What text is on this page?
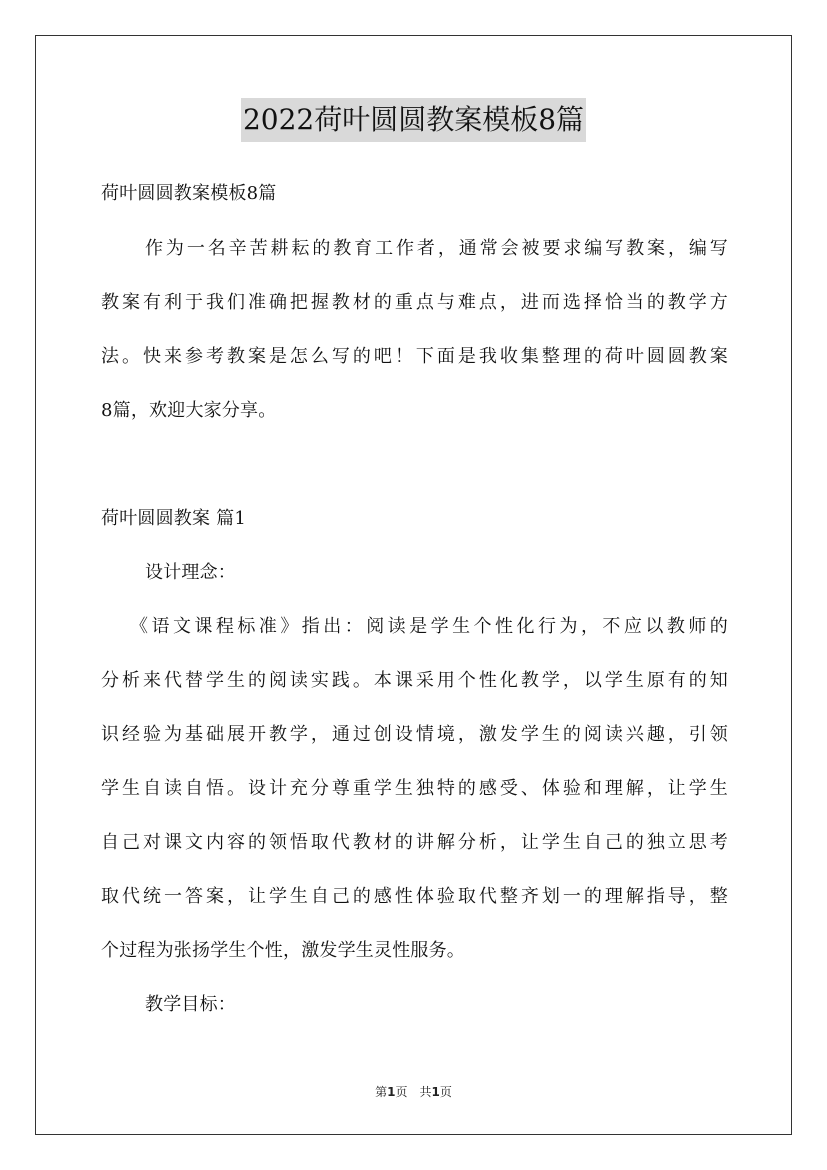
2022荷叶圆圆教案模板8篇
荷叶圆圆教案模板8篇
作为一名辛苦耕耘的教育工作者，通常会被要求编写教案，编写
教案有利于我们准确把握教材的重点与难点，进而选择恰当的教学方
法。快来参考教案是怎么写的吧！下面是我收集整理的荷叶圆圆教案
8篇，欢迎大家分享。
荷叶圆圆教案 篇1
设计理念：
《语文课程标准》指出：阅读是学生个性化行为，不应以教师的
分析来代替学生的阅读实践。本课采用个性化教学，以学生原有的知
识经验为基础展开教学，通过创设情境，激发学生的阅读兴趣，引领
学生自读自悟。设计充分尊重学生独特的感受、体验和理解，让学生
自己对课文内容的领悟取代教材的讲解分析，让学生自己的独立思考
取代统一答案，让学生自己的感性体验取代整齐划一的理解指导，整
个过程为张扬学生个性，激发学生灵性服务。
教学目标：
第1页　共1页
